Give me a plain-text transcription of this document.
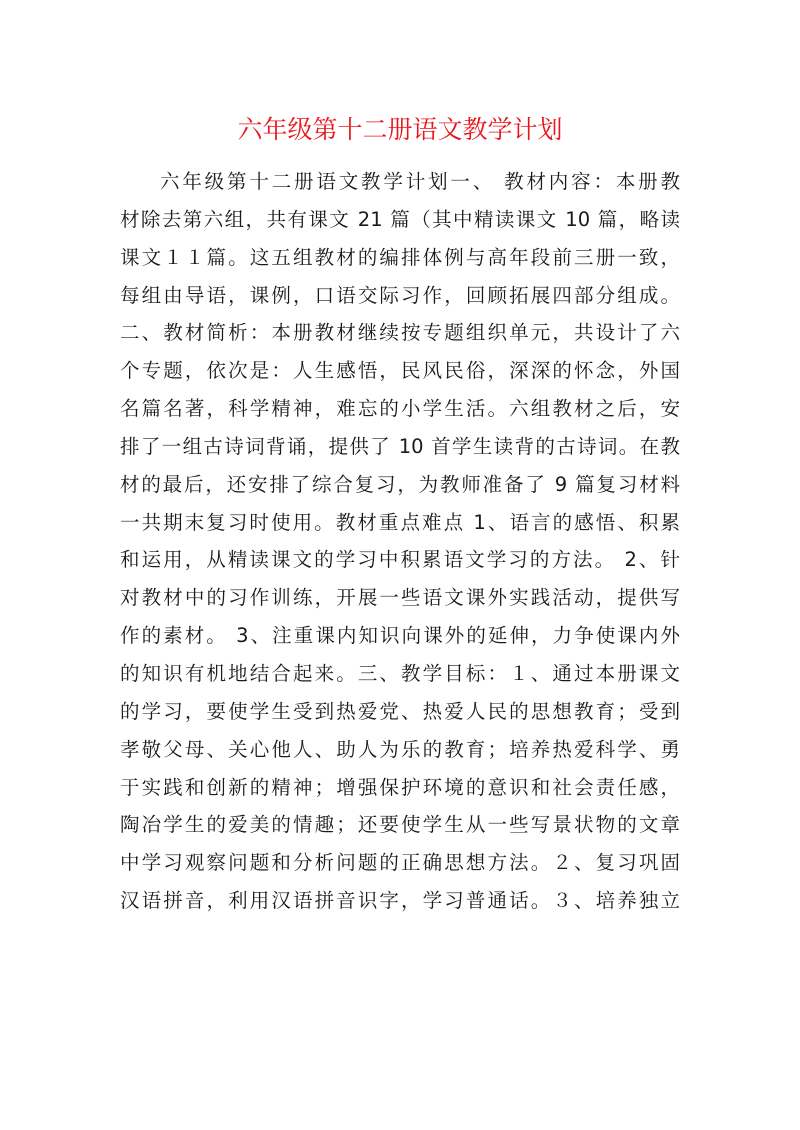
六年级第十二册语文教学计划
六年级第十二册语文教学计划一、 教材内容：本册教
材除去第六组，共有课文 21 篇（其中精读课文 10 篇，略读
课文１１篇。这五组教材的编排体例与高年段前三册一致，
每组由导语，课例，口语交际习作，回顾拓展四部分组成。
二、教材简析：本册教材继续按专题组织单元，共设计了六
个专题，依次是：人生感悟，民风民俗，深深的怀念，外国
名篇名著，科学精神，难忘的小学生活。六组教材之后，安
排了一组古诗词背诵，提供了 10 首学生读背的古诗词。在教
材的最后，还安排了综合复习，为教师准备了 9 篇复习材料
一共期末复习时使用。教材重点难点 1、语言的感悟、积累
和运用，从精读课文的学习中积累语文学习的方法。 2、针
对教材中的习作训练，开展一些语文课外实践活动，提供写
作的素材。 3、注重课内知识向课外的延伸，力争使课内外
的知识有机地结合起来。三、教学目标：１、通过本册课文
的学习，要使学生受到热爱党、热爱人民的思想教育；受到
孝敬父母、关心他人、助人为乐的教育；培养热爱科学、勇
于实践和创新的精神；增强保护环境的意识和社会责任感，
陶冶学生的爱美的情趣；还要使学生从一些写景状物的文章
中学习观察问题和分析问题的正确思想方法。２、复习巩固
汉语拼音，利用汉语拼音识字，学习普通话。３、培养独立
